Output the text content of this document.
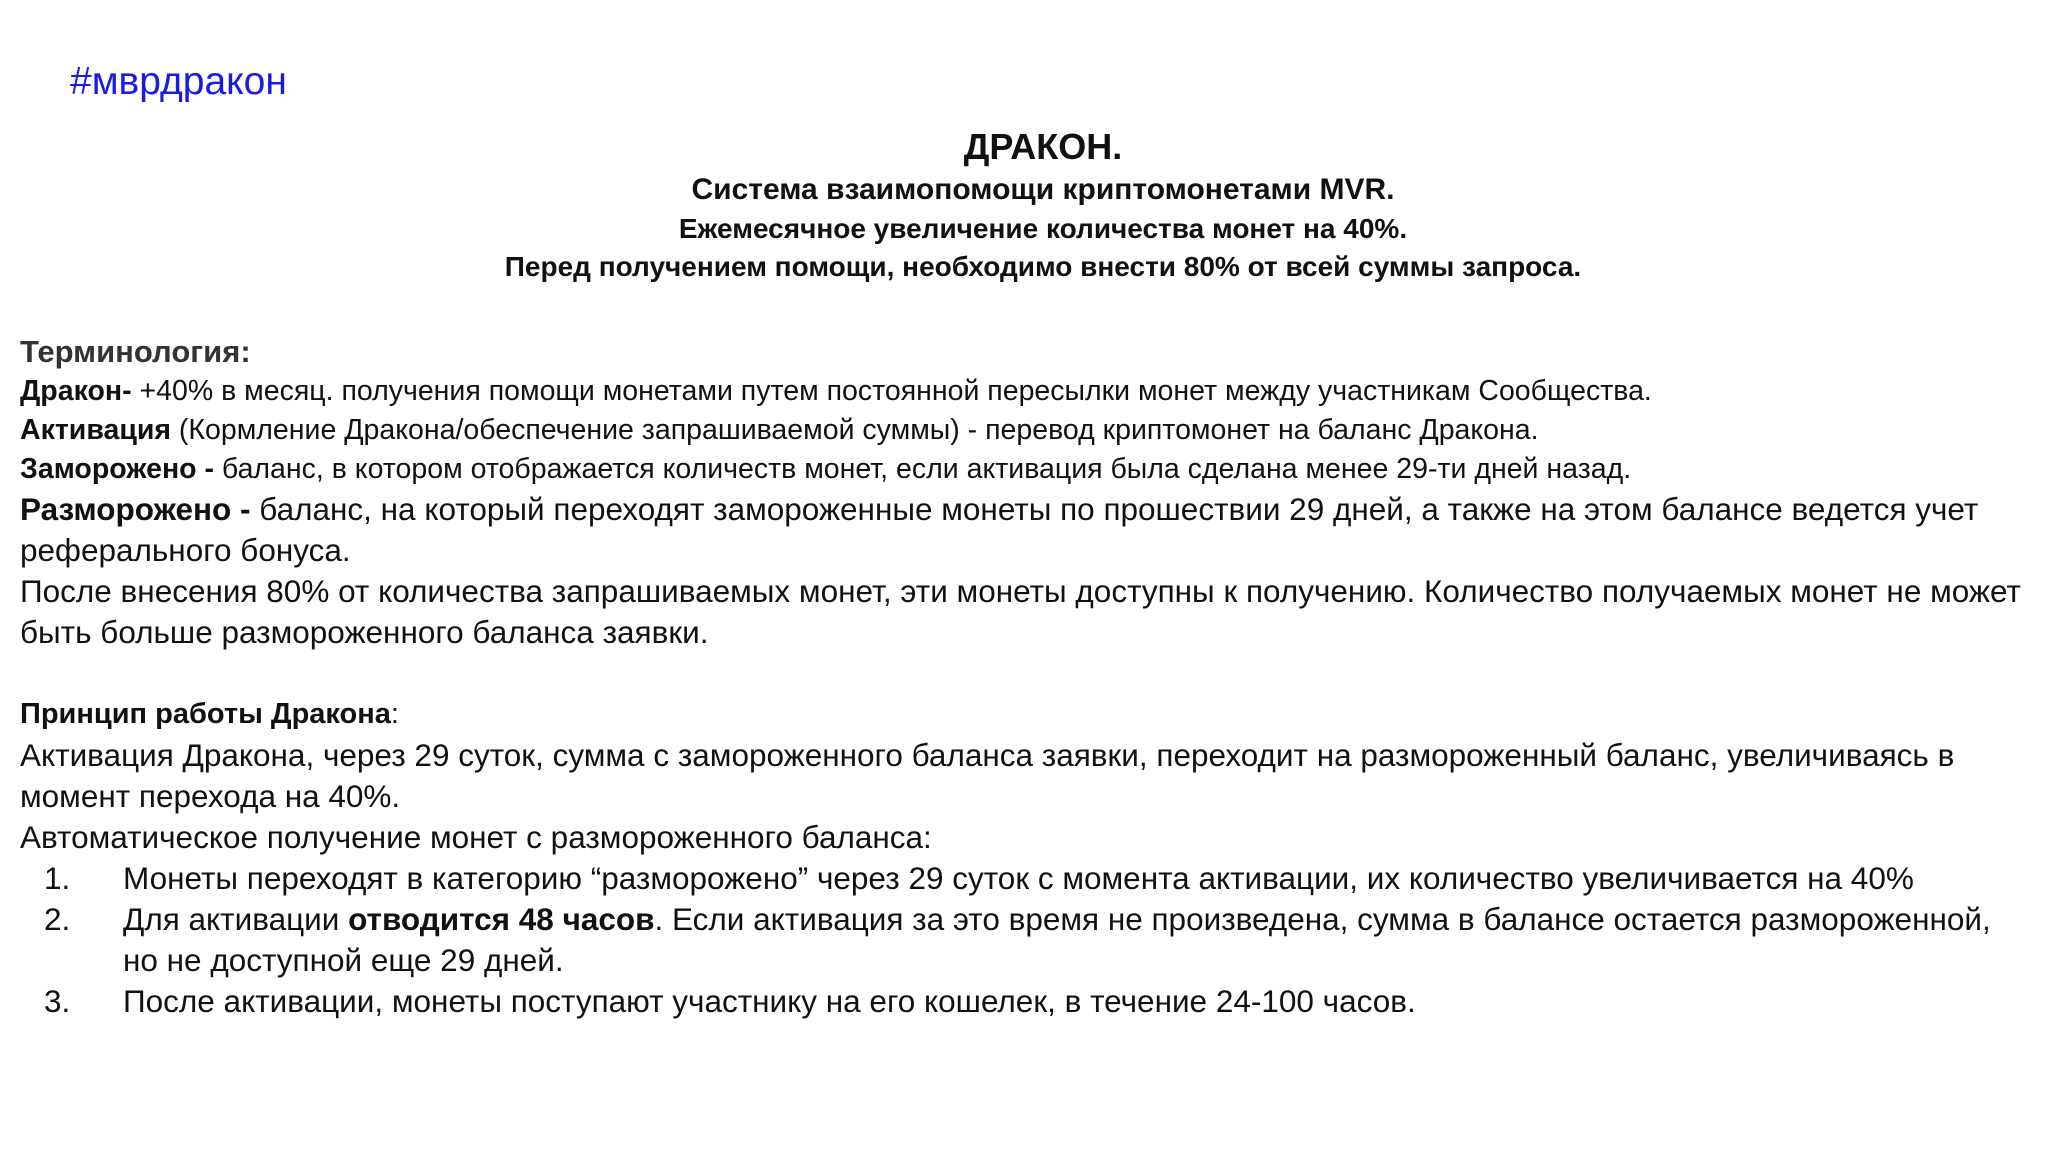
#мврдракон
ДРАКОН.
Система взаимопомощи криптомонетами MVR.
Ежемесячное увеличение количества монет на 40%.
Перед получением помощи, необходимо внести 80% от всей суммы запроса.
Терминология:
Дракон- +40% в месяц. получения помощи монетами путем постоянной пересылки монет между участникам Сообщества.
Активация (Кормление Дракона/обеспечение запрашиваемой суммы) - перевод криптомонет на баланс Дракона.
Заморожено - баланс, в котором отображается количеств монет, если активация была сделана менее 29-ти дней назад.
Разморожено - баланс, на который переходят замороженные монеты по прошествии 29 дней, а также на этом балансе ведется учет реферального бонуса.
После внесения 80% от количества запрашиваемых монет, эти монеты доступны к получению. Количество получаемых монет не может быть больше размороженного баланса заявки.
Принцип работы Дракона:
Активация Дракона, через 29 суток, сумма с замороженного баланса заявки, переходит на размороженный баланс, увеличиваясь в момент перехода на 40%.
Автоматическое получение монет с размороженного баланса:
1. Монеты переходят в категорию “разморожено” через 29 суток с момента активации, их количество увеличивается на 40%
2. Для активации отводится 48 часов. Если активация за это время не произведена, сумма в балансе остается размороженной, но не доступной еще 29 дней.
3. После активации, монеты поступают участнику на его кошелек, в течение 24-100 часов.
